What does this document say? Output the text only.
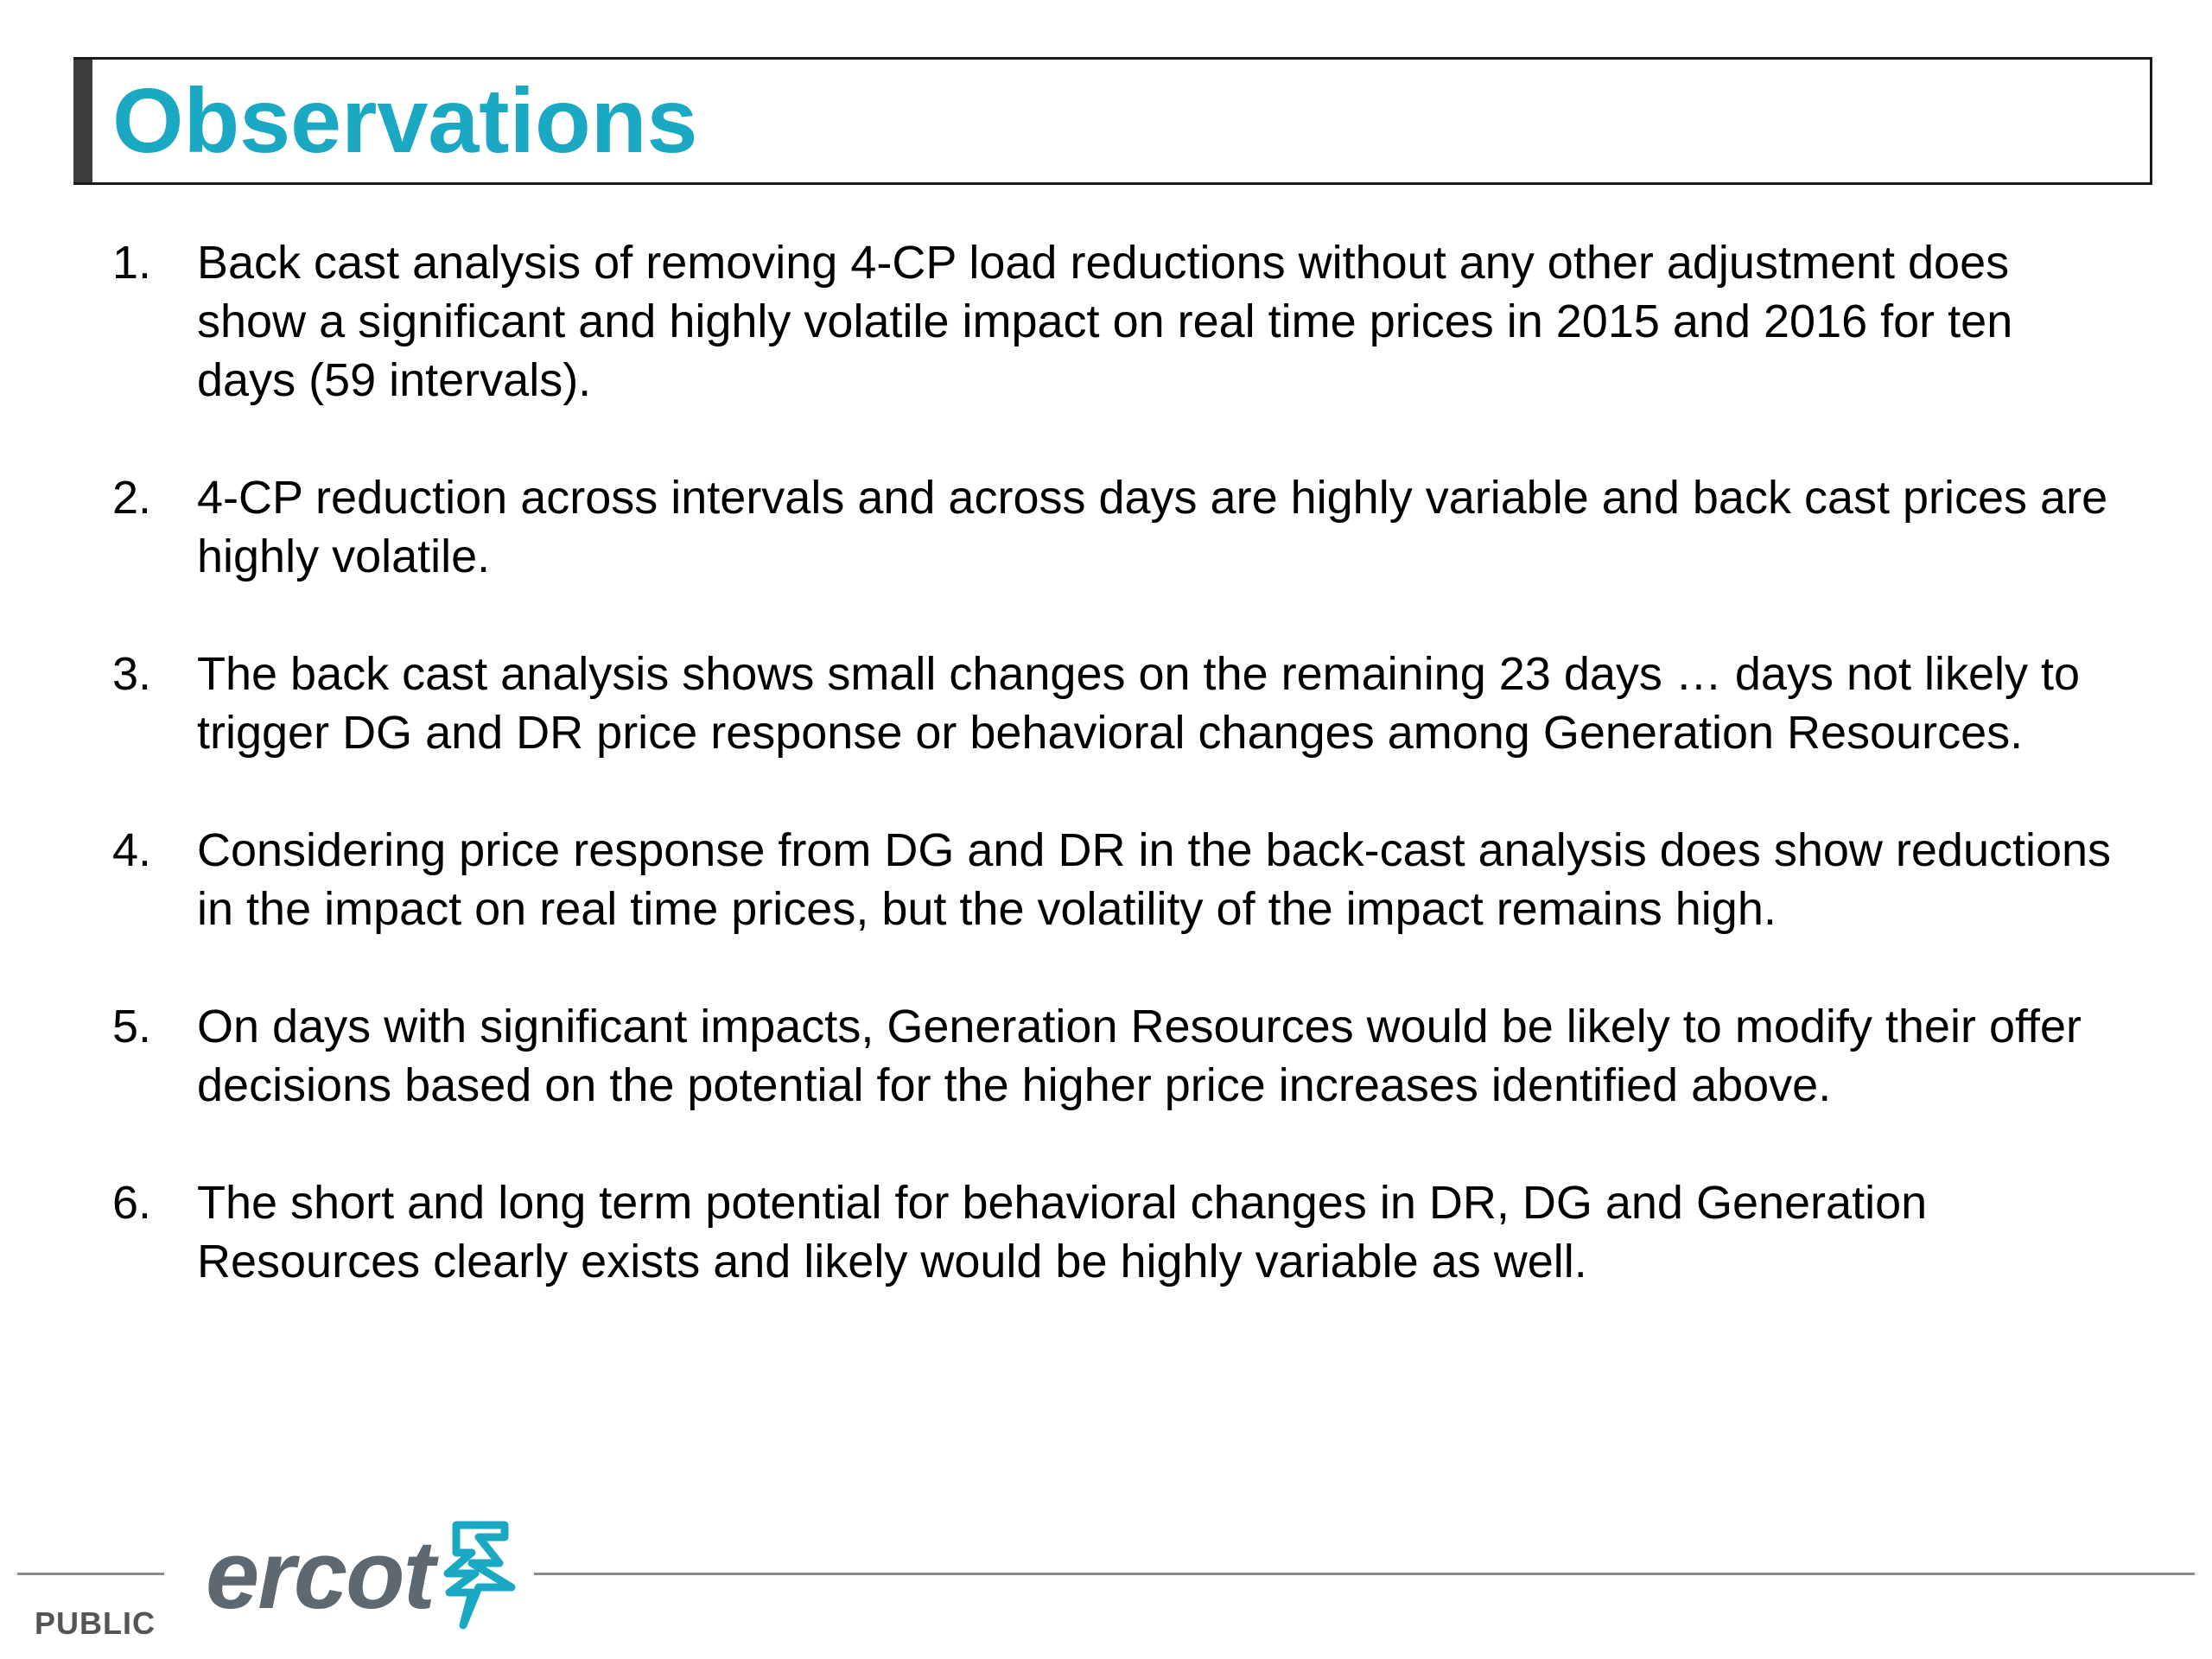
Observations
1. Back cast analysis of removing 4-CP load reductions without any other adjustment does show a significant and highly volatile impact on real time prices in 2015 and 2016 for ten days (59 intervals).
2. 4-CP reduction across intervals and across days are highly variable and back cast prices are highly volatile.
3. The back cast analysis shows small changes on the remaining 23 days … days not likely to trigger DG and DR price response or behavioral changes among Generation Resources.
4. Considering price response from DG and DR in the back-cast analysis does show reductions in the impact on real time prices, but the volatility of the impact remains high.
5. On days with significant impacts, Generation Resources would be likely to modify their offer decisions based on the potential for the higher price increases identified above.
6. The short and long term potential for behavioral changes in DR, DG and Generation Resources clearly exists and likely would be highly variable as well.
PUBLIC ercot
